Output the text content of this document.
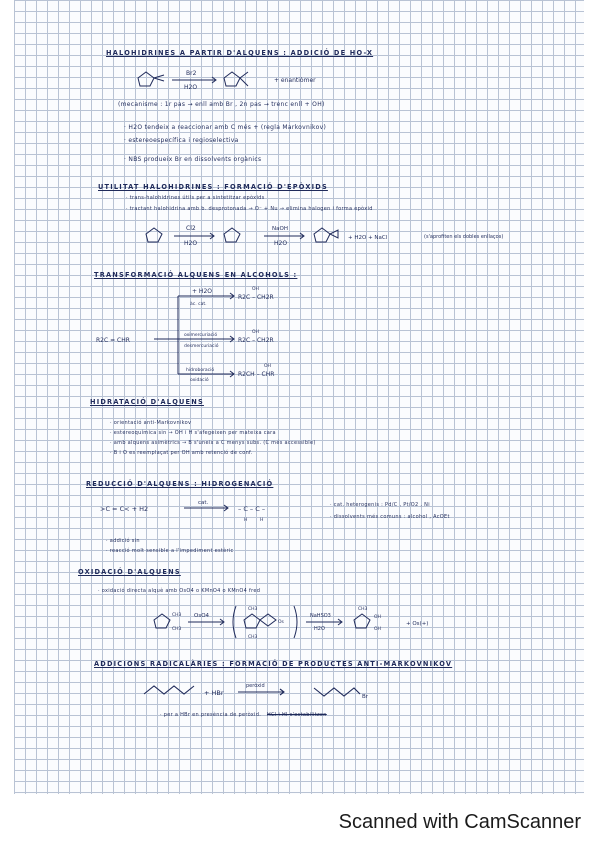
HALOHIDRINES A PARTIR D'ALQUENS : ADDICIÓ DE HO-X
Br2
H2O
+ enantiòmer
(mecanisme : 1r pas → enll amb Br , 2n pas → trenc enll + OH)
· H2O tendeix a reaccionar amb C més + (regla Markovnikov)
· estereoespecífica i regioselectiva
· NBS produeix Br en dissolvents orgànics
UTILITAT HALOHIDRINES : FORMACIÓ D'EPÒXIDS
· trans-halohidrines útils per a sintetitzar epòxids
· tractant halohidrina amb b. desprotonada → O⁻ + Nu → elimina halogen i forma epòxid
Cl2
H2O
NaOH
H2O
+ H2O + NaCl	(s'aprofiten els dobles enllaços)
TRANSFORMACIÓ ALQUENS EN ALCOHOLS :
R2C = CHR
+ H2O
àc. cat.
OH
R2C – CH2R
oximercuriació
desmercuriació
OH
R2C – CH2R
hidroboració
oxidació
OH
R2CH – CHR
HIDRATACIÓ D'ALQUENS
· orientació anti-Markovnikov
· estereoquímica sin → OH i H s'afegeixen per mateixa cara
· amb alquens asimètrics → B s'uneix a C menys subs. (C més accessible)
· B i O es reemplaçat per OH amb retenció de conf.
REDUCCIÓ D'ALQUENS : HIDROGENACIÓ
>C = C< + H2
cat.
– C – C –
H	H
· cat. heterogenis : Pd/C , Pt/O2 , Ni
· dissolvents més comuns : alcohol , AcOEt
· addició sin
· reacció molt sensible a l'impediment estèric
OXIDACIÓ D'ALQUENS
· oxidació directa alquè amb OsO4 o KMnO4 o KMnO4 fred
CH3
CH3
OsO4
CH3
CH3
Os
NaHSO3
H2O
CH3
OH
OH
+ Os(+)
ADDICIONS RADICALÀRIES : FORMACIÓ DE PRODUCTES ANTI-MARKOVNIKOV
+ HBr
peròxid
Br
· per a HBr en presència de peròxid. HCl i HI s'estabilitzen
Scanned with CamScanner
